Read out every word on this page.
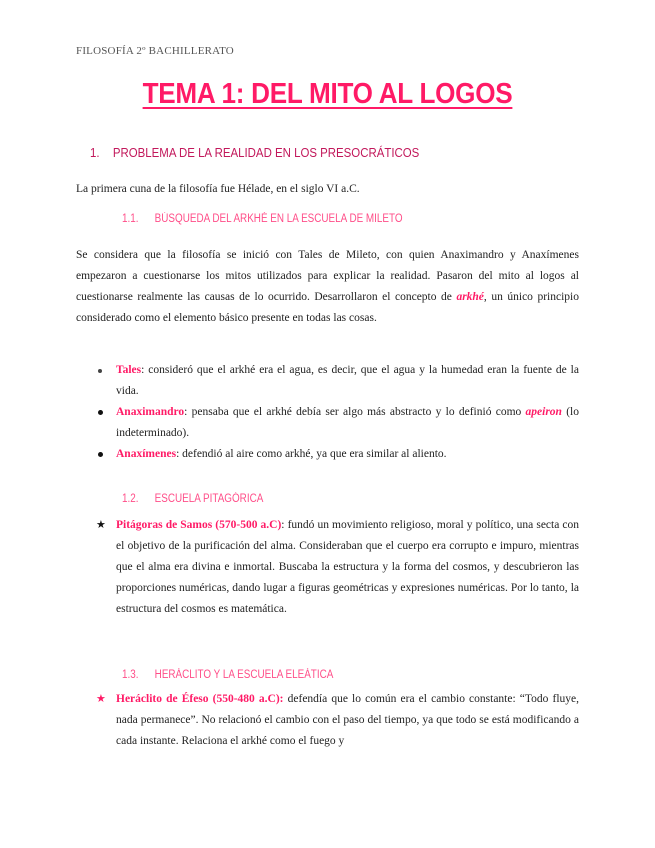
FILOSOFÍA 2º BACHILLERATO
TEMA 1: DEL MITO AL LOGOS
1. PROBLEMA DE LA REALIDAD EN LOS PRESOCRÁTICOS
La primera cuna de la filosofía fue Hélade, en el siglo VI a.C.
1.1. BÚSQUEDA DEL ARKHÉ EN LA ESCUELA DE MILETO
Se considera que la filosofía se inició con Tales de Mileto, con quien Anaximandro y Anaxímenes empezaron a cuestionarse los mitos utilizados para explicar la realidad. Pasaron del mito al logos al cuestionarse realmente las causas de lo ocurrido. Desarrollaron el concepto de arkhé, un único principio considerado como el elemento básico presente en todas las cosas.
Tales: consideró que el arkhé era el agua, es decir, que el agua y la humedad eran la fuente de la vida.
Anaximandro: pensaba que el arkhé debía ser algo más abstracto y lo definió como apeiron (lo indeterminado).
Anaxímenes: defendió al aire como arkhé, ya que era similar al aliento.
1.2. ESCUELA PITAGÓRICA
★ Pitágoras de Samos (570-500 a.C): fundó un movimiento religioso, moral y político, una secta con el objetivo de la purificación del alma. Consideraban que el cuerpo era corrupto e impuro, mientras que el alma era divina e inmortal. Buscaba la estructura y la forma del cosmos, y descubrieron las proporciones numéricas, dando lugar a figuras geométricas y expresiones numéricas. Por lo tanto, la estructura del cosmos es matemática.
1.3. HERÁCLITO Y LA ESCUELA ELEÁTICA
★ Heráclito de Éfeso (550-480 a.C): defendía que lo común era el cambio constante: “Todo fluye, nada permanece”. No relacionó el cambio con el paso del tiempo, ya que todo se está modificando a cada instante. Relaciona el arkhé como el fuego y
